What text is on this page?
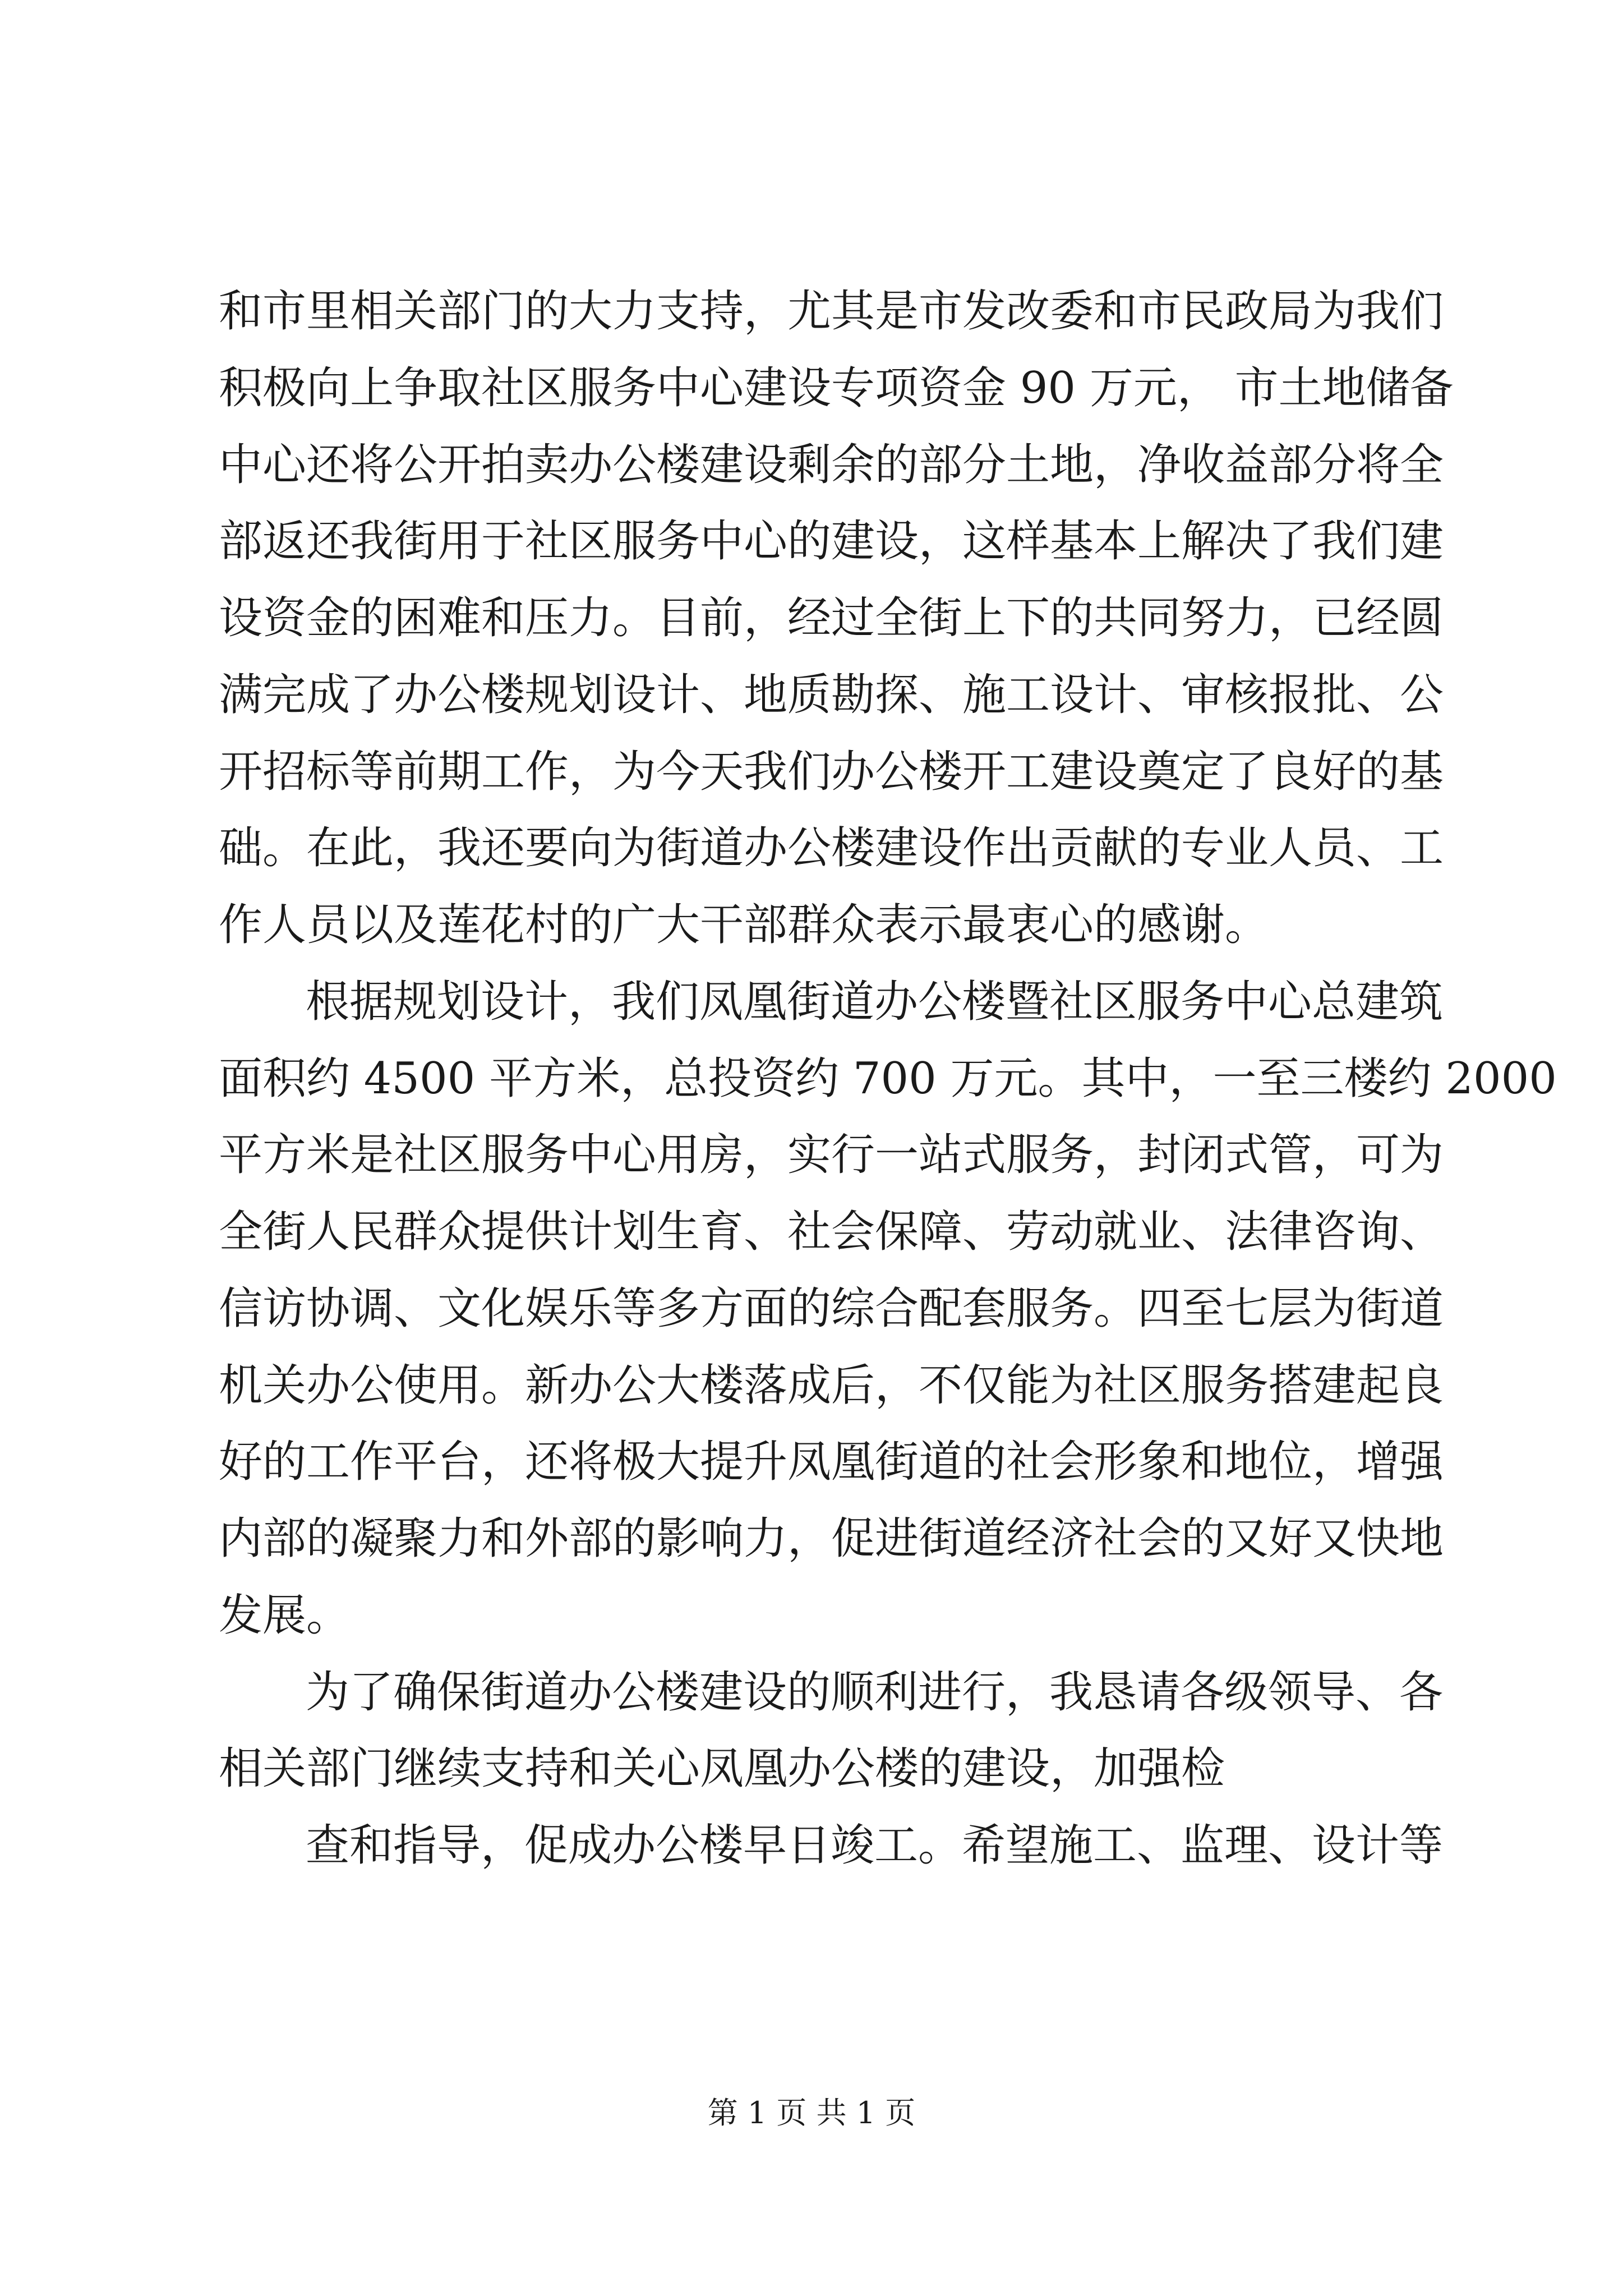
和市里相关部门的大力支持，尤其是市发改委和市民政局为我们
积极向上争取社区服务中心建设专项资金 90 万元， 市土地储备
中心还将公开拍卖办公楼建设剩余的部分土地，净收益部分将全
部返还我街用于社区服务中心的建设，这样基本上解决了我们建
设资金的困难和压力。目前，经过全街上下的共同努力，已经圆
满完成了办公楼规划设计、地质勘探、施工设计、审核报批、公
开招标等前期工作，为今天我们办公楼开工建设奠定了良好的基
础。在此，我还要向为街道办公楼建设作出贡献的专业人员、工
作人员以及莲花村的广大干部群众表示最衷心的感谢。
根据规划设计，我们凤凰街道办公楼暨社区服务中心总建筑
面积约 4500 平方米，总投资约 700 万元。其中，一至三楼约 2000
平方米是社区服务中心用房，实行一站式服务，封闭式管，可为
全街人民群众提供计划生育、社会保障、劳动就业、法律咨询、
信访协调、文化娱乐等多方面的综合配套服务。四至七层为街道
机关办公使用。新办公大楼落成后，不仅能为社区服务搭建起良
好的工作平台，还将极大提升凤凰街道的社会形象和地位，增强
内部的凝聚力和外部的影响力，促进街道经济社会的又好又快地
发展。
为了确保街道办公楼建设的顺利进行，我恳请各级领导、各
相关部门继续支持和关心凤凰办公楼的建设，加强检
查和指导，促成办公楼早日竣工。希望施工、监理、设计等
第 1 页 共 1 页
